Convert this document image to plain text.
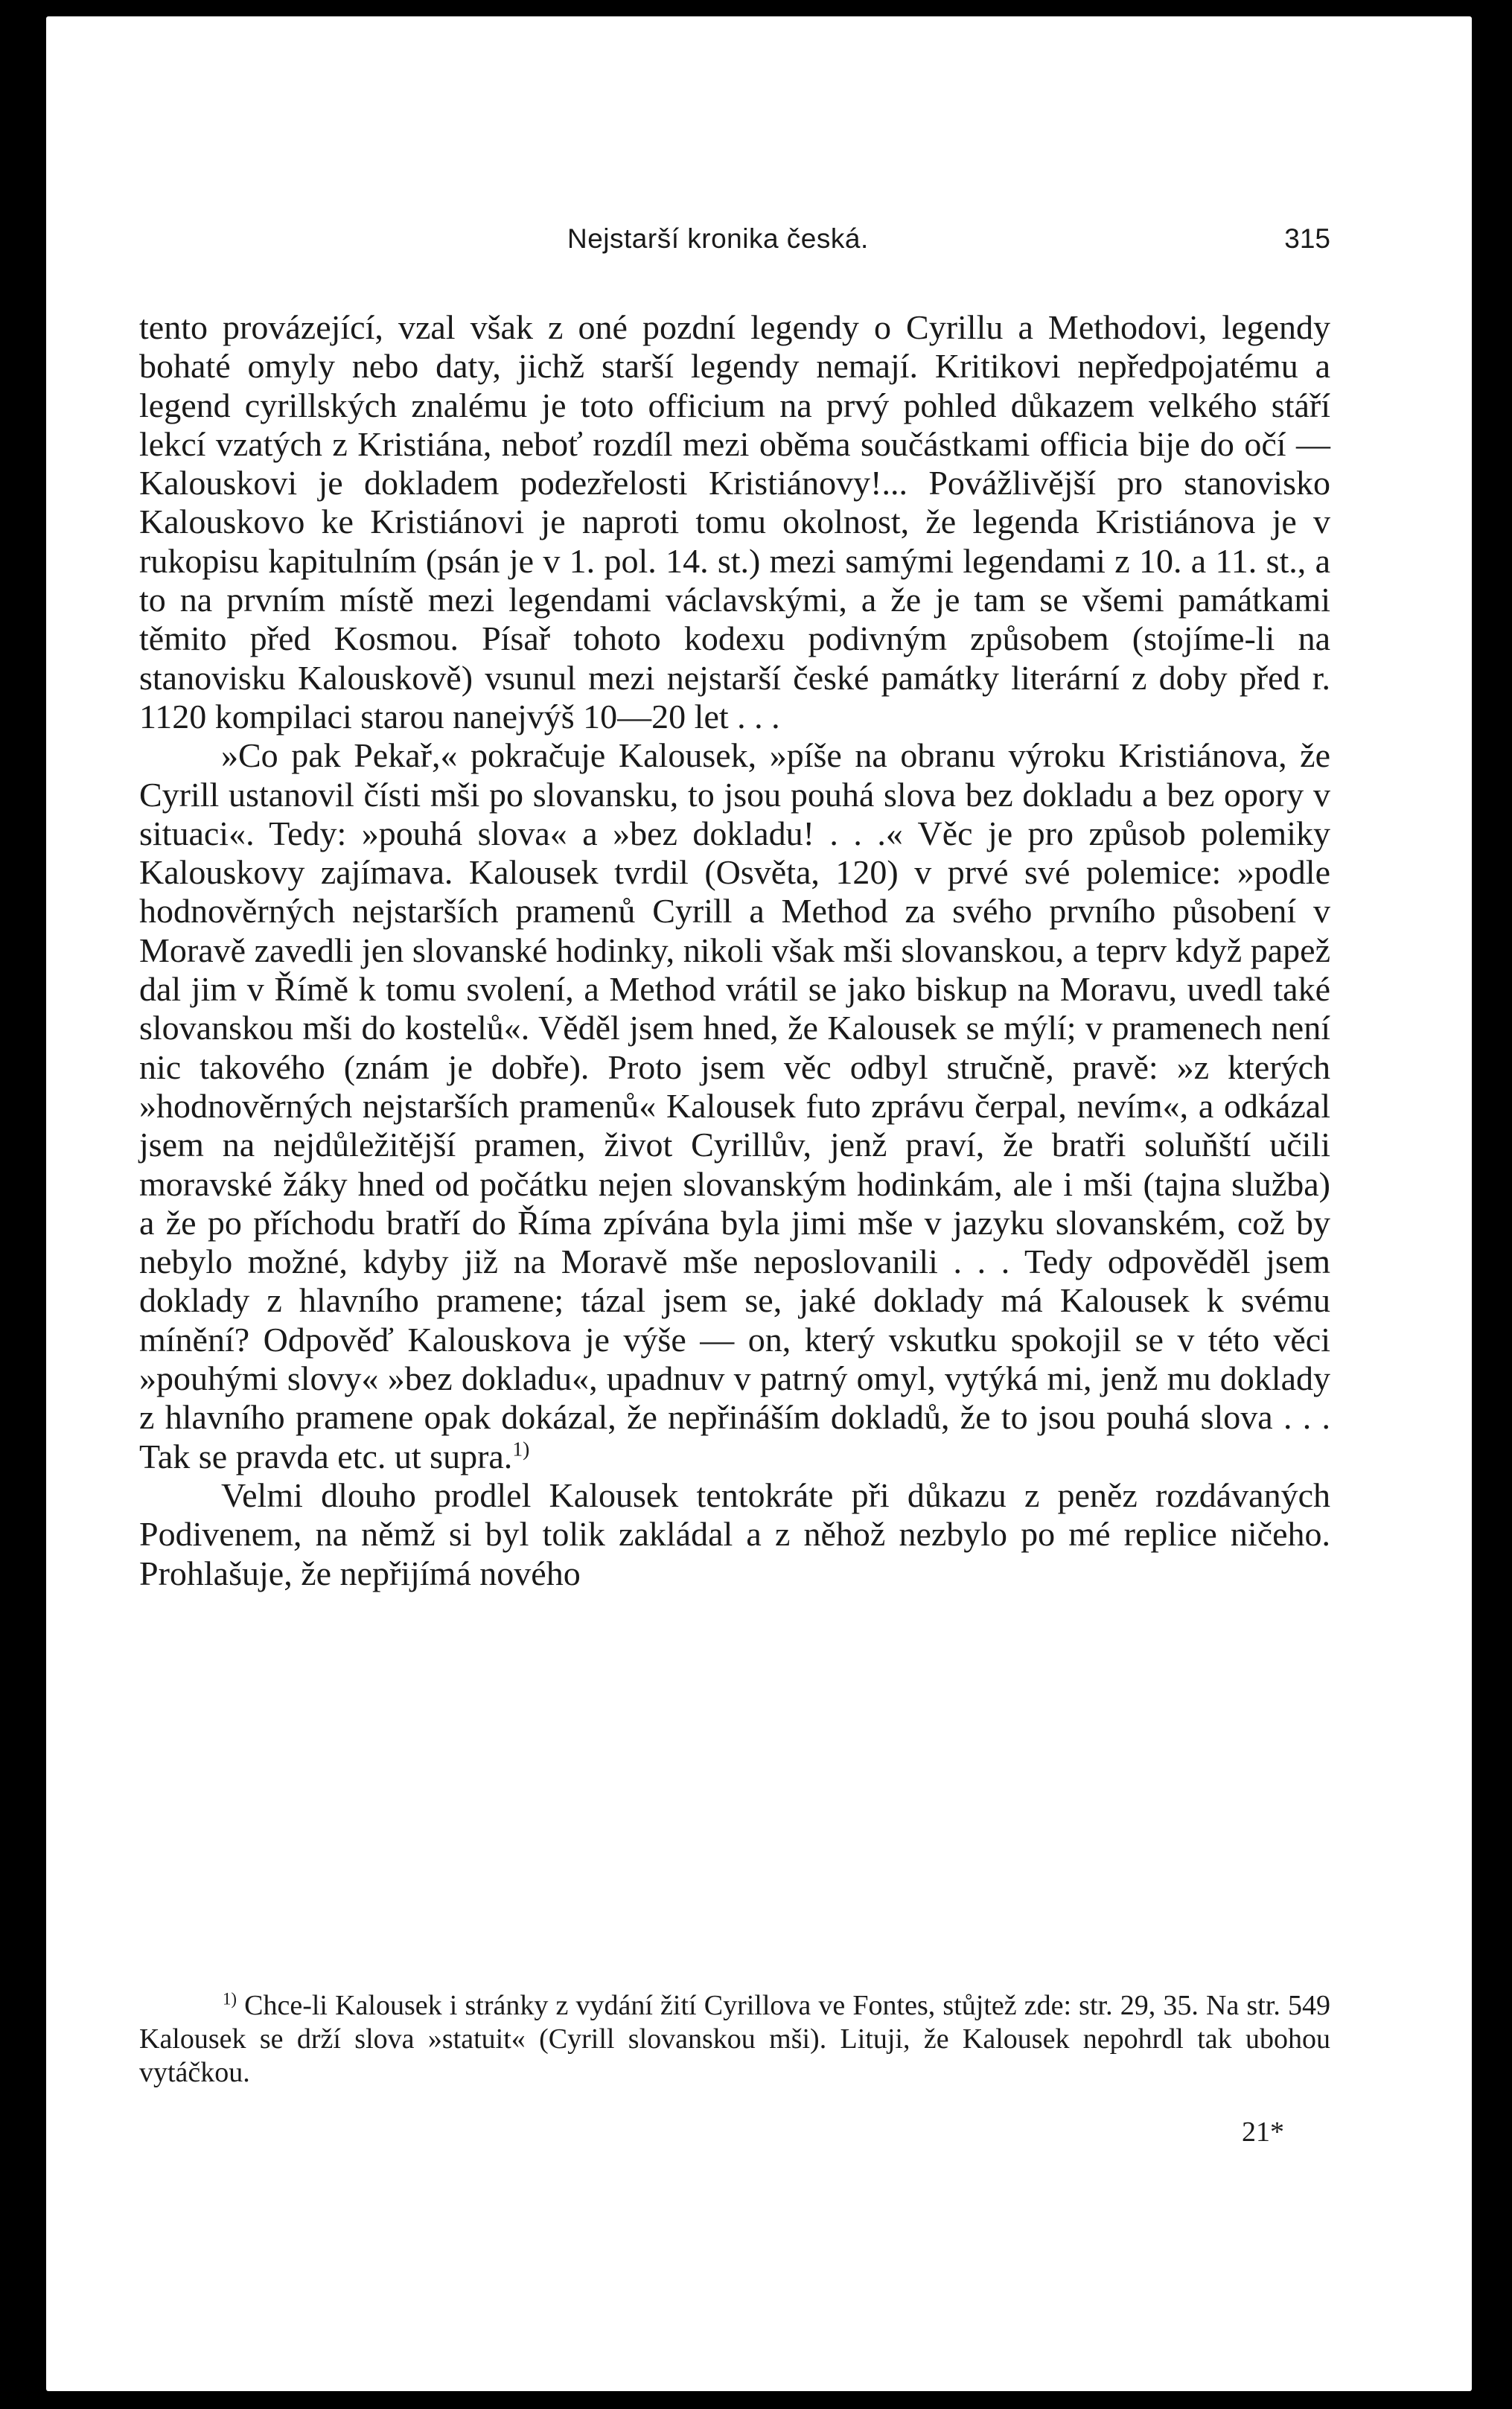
Nejstarší kronika česká.	315

tento provázející, vzal však z oné pozdní legendy o Cyrillu a Methodovi, legendy bohaté omyly nebo daty, jichž starší legendy nemají. Kritikovi nepředpojatému a legend cyrillských znalému je toto officium na prvý pohled důkazem velkého stáří lekcí vzatých z Kristiána, neboť rozdíl mezi oběma součástkami officia bije do očí — Kalouskovi je dokladem podezřelosti Kristiánovy!... Povážlivější pro stanovisko Kalouskovo ke Kristiánovi je naproti tomu okolnost, že legenda Kristiánova je v rukopisu kapitulním (psán je v 1. pol. 14. st.) mezi samými legendami z 10. a 11. st., a to na prvním místě mezi legendami václavskými, a že je tam se všemi památkami těmito před Kosmou. Písař tohoto kodexu podivným způsobem (stojíme-li na stanovisku Kalouskově) vsunul mezi nejstarší české památky literární z doby před r. 1120 kompilaci starou nanejvýš 10—20 let . . .

»Co pak Pekař,« pokračuje Kalousek, »píše na obranu výroku Kristiánova, že Cyrill ustanovil čísti mši po slovansku, to jsou pouhá slova bez dokladu a bez opory v situaci«. Tedy: »pouhá slova« a »bez dokladu! . . .« Věc je pro způsob polemiky Kalouskovy zajímava. Kalousek tvrdil (Osvěta, 120) v prvé své polemice: »podle hodnověrných nejstarších pramenů Cyrill a Method za svého prvního působení v Moravě zavedli jen slovanské hodinky, nikoli však mši slovanskou, a teprv když papež dal jim v Římě k tomu svolení, a Method vrátil se jako biskup na Moravu, uvedl také slovanskou mši do kostelů«. Věděl jsem hned, že Kalousek se mýlí; v pramenech není nic takového (znám je dobře). Proto jsem věc odbyl stručně, pravě: »z kterých »hodnověrných nejstarších pramenů« Kalousek futo zprávu čerpal, nevím«, a odkázal jsem na nejdůležitější pramen, život Cyrillův, jenž praví, že bratři soluňští učili moravské žáky hned od počátku nejen slovanským hodinkám, ale i mši (tajna služba) a že po příchodu bratří do Říma zpívána byla jimi mše v jazyku slovanském, což by nebylo možné, kdyby již na Moravě mše neposlovanili . . . Tedy odpověděl jsem doklady z hlavního pramene; tázal jsem se, jaké doklady má Kalousek k svému mínění? Odpověď Kalouskova je výše — on, který vskutku spokojil se v této věci »pouhými slovy« »bez dokladu«, upadnuv v patrný omyl, vytýká mi, jenž mu doklady z hlavního pramene opak dokázal, že nepřináším dokladů, že to jsou pouhá slova . . . Tak se pravda etc. ut supra.$^{1)}$

Velmi dlouho prodlel Kalousek tentokráte při důkazu z peněz rozdávaných Podivenem, na němž si byl tolik zakládal a z něhož nezbylo po mé replice ničeho. Prohlašuje, že nepřijímá nového

$^{1)}$ Chce-li Kalousek i stránky z vydání žití Cyrillova ve Fontes, stůjtež zde: str. 29, 35. Na str. 549 Kalousek se drží slova »statuit« (Cyrill slovanskou mši). Lituji, že Kalousek nepohrdl tak ubohou vytáčkou.

21*
